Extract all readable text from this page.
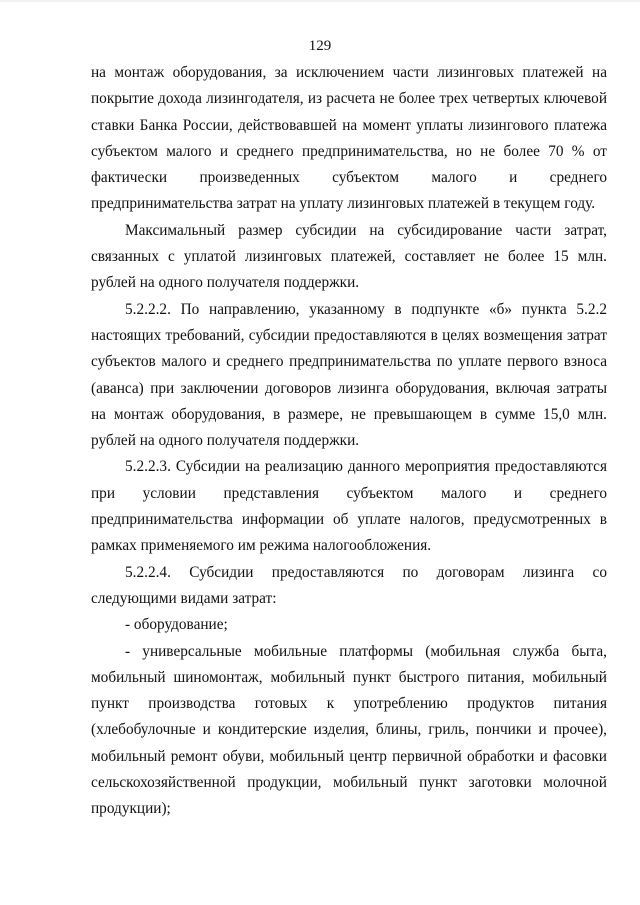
129

на монтаж оборудования, за исключением части лизинговых платежей на покрытие дохода лизингодателя, из расчета не более трех четвертых ключевой ставки Банка России, действовавшей на момент уплаты лизингового платежа субъектом малого и среднего предпринимательства, но не более 70 % от фактически произведенных субъектом малого и среднего предпринимательства затрат на уплату лизинговых платежей в текущем году.

Максимальный размер субсидии на субсидирование части затрат, связанных с уплатой лизинговых платежей, составляет не более 15 млн. рублей на одного получателя поддержки.

5.2.2.2. По направлению, указанному в подпункте «б» пункта 5.2.2 настоящих требований, субсидии предоставляются в целях возмещения затрат субъектов малого и среднего предпринимательства по уплате первого взноса (аванса) при заключении договоров лизинга оборудования, включая затраты на монтаж оборудования, в размере, не превышающем в сумме 15,0 млн. рублей на одного получателя поддержки.

5.2.2.3. Субсидии на реализацию данного мероприятия предоставляются при условии представления субъектом малого и среднего предпринимательства информации об уплате налогов, предусмотренных в рамках применяемого им режима налогообложения.

5.2.2.4. Субсидии предоставляются по договорам лизинга со следующими видами затрат:

- оборудование;

- универсальные мобильные платформы (мобильная служба быта, мобильный шиномонтаж, мобильный пункт быстрого питания, мобильный пункт производства готовых к употреблению продуктов питания (хлебобулочные и кондитерские изделия, блины, гриль, пончики и прочее), мобильный ремонт обуви, мобильный центр первичной обработки и фасовки сельскохозяйственной продукции, мобильный пункт заготовки молочной продукции);
